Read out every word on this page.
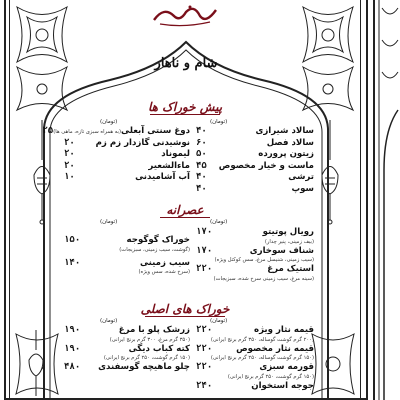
شام و ناهار
پیش خوراک ها
(تومان)
(تومان)
سالاد شیرازی
۴۰
سالاد فصل
۶۰
زیتون پرورده
۵۰
ماست و خیار مخصوص
۴۵
ترشی
۴۰
سوپ
۴۰
دوغ سنتی آبعلی
(به همراه سبزی تازه، ماهی ها)
۲۵
نوشیدنی گازدار زم زم
۲۰
لیموناد
۲۰
ماءالشعیر
۲۰
آب آشامیدنی
۱۰
عصرانه
(تومان)
(تومان)
رویال پوتیتو
۱۷۰
(بیف زمینی، پنیر چدار)
شناف سوخاری
۱۷۰
(سیب زمینی، شنیسل مرغ، سس کوکتل ویژه)
استیک مرغ
۲۲۰
(سینه مرغ، سیب زمینی سرخ شده، سبزیجات)
خوراک گوگوجه
۱۵۰
(گوشت، سیب زمینی، سبزیجات)
سیب زمینی
۱۴۰
(سرخ شده، سس ویژه)
خوراک های اصلی
(تومان)
(تومان)
قیمه نثار ویژه
۲۲۰
(۲۰۰ گرم گوشت گوساله، ۳۵۰ گرم برنج ایرانی)
قیمه نثار مخصوص
۲۲۰
(۱۵۰ گرم گوشت گوساله، ۲۵۰ گرم برنج ایرانی)
قورمه سبزی
۲۲۰
(۱۵۰ گرم گوشت، ۲۵۰ گرم برنج ایرانی)
جوجه استخوان
۲۴۰
زرشک پلو با مرغ
۱۹۰
(۳۵۰ گرم مرغ، ۳۰۰ گرم برنج ایرانی)
کته کباب دیگی
۱۹۰
(۱۵۰ گرم گوشت، ۲۵۰ گرم برنج ایرانی)
چلو ماهیچه گوسفندی
۴۸۰
